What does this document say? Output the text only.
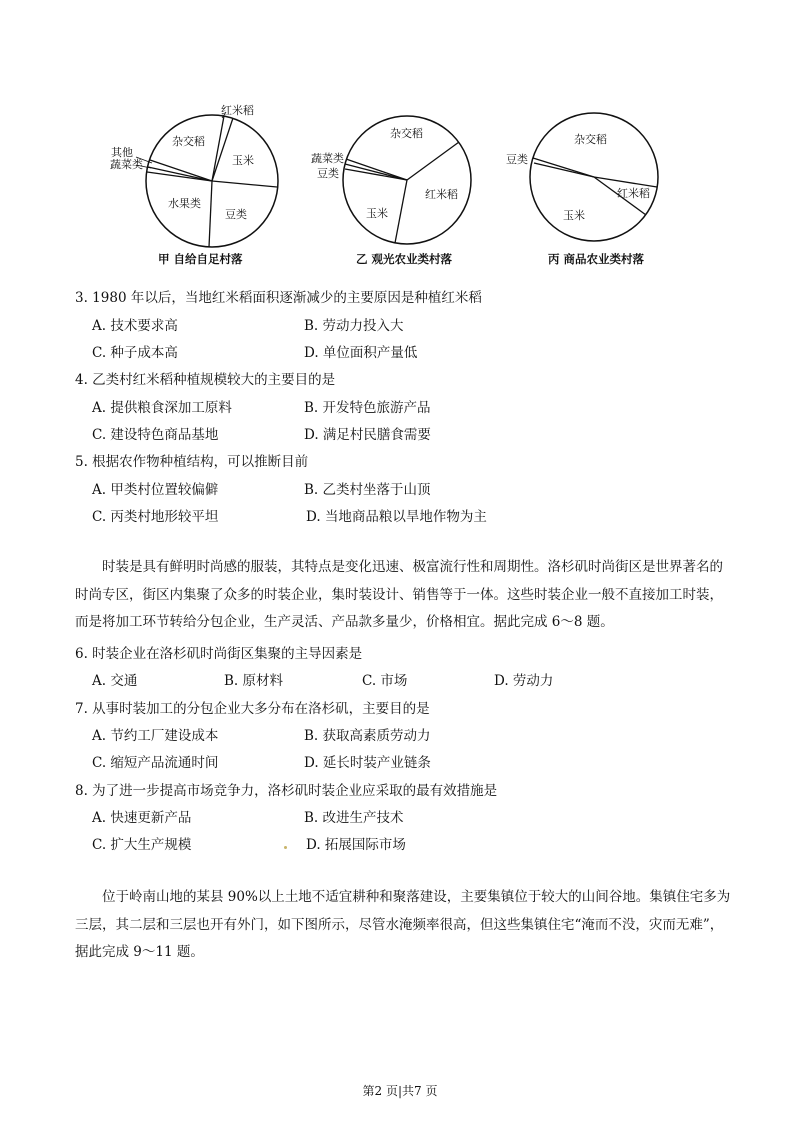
红米稻
杂交稻
玉米
其他
蔬菜类
水果类
豆类
甲 自给自足村落
杂交稻
蔬菜类
豆类
红米稻
玉米
乙 观光农业类村落
杂交稻
豆类
红米稻
玉米
丙 商品农业类村落
3. 1980 年以后，当地红米稻面积逐渐减少的主要原因是种植红米稻
A. 技术要求高	B. 劳动力投入大
C. 种子成本高	D. 单位面积产量低
4. 乙类村红米稻种植规模较大的主要目的是
A. 提供粮食深加工原料	B. 开发特色旅游产品
C. 建设特色商品基地	D. 满足村民膳食需要
5. 根据农作物种植结构，可以推断目前
A. 甲类村位置较偏僻	B. 乙类村坐落于山顶
C. 丙类村地形较平坦	D. 当地商品粮以旱地作物为主
时装是具有鲜明时尚感的服装，其特点是变化迅速、极富流行性和周期性。洛杉矶时尚街区是世界著名的时尚专区，街区内集聚了众多的时装企业，集时装设计、销售等于一体。这些时装企业一般不直接加工时装，而是将加工环节转给分包企业，生产灵活、产品款多量少，价格相宜。据此完成 6～8 题。
6. 时装企业在洛杉矶时尚街区集聚的主导因素是
A. 交通	B. 原材料	C. 市场	D. 劳动力
7. 从事时装加工的分包企业大多分布在洛杉矶，主要目的是
A. 节约工厂建设成本	B. 获取高素质劳动力
C. 缩短产品流通时间	D. 延长时装产业链条
8. 为了进一步提高市场竞争力，洛杉矶时装企业应采取的最有效措施是
A. 快速更新产品	B. 改进生产技术
C. 扩大生产规模	D. 拓展国际市场
位于岭南山地的某县 90%以上土地不适宜耕种和聚落建设，主要集镇位于较大的山间谷地。集镇住宅多为三层，其二层和三层也开有外门，如下图所示，尽管水淹频率很高，但这些集镇住宅“淹而不没，灾而无难”，据此完成 9～11 题。
第2 页|共7 页
